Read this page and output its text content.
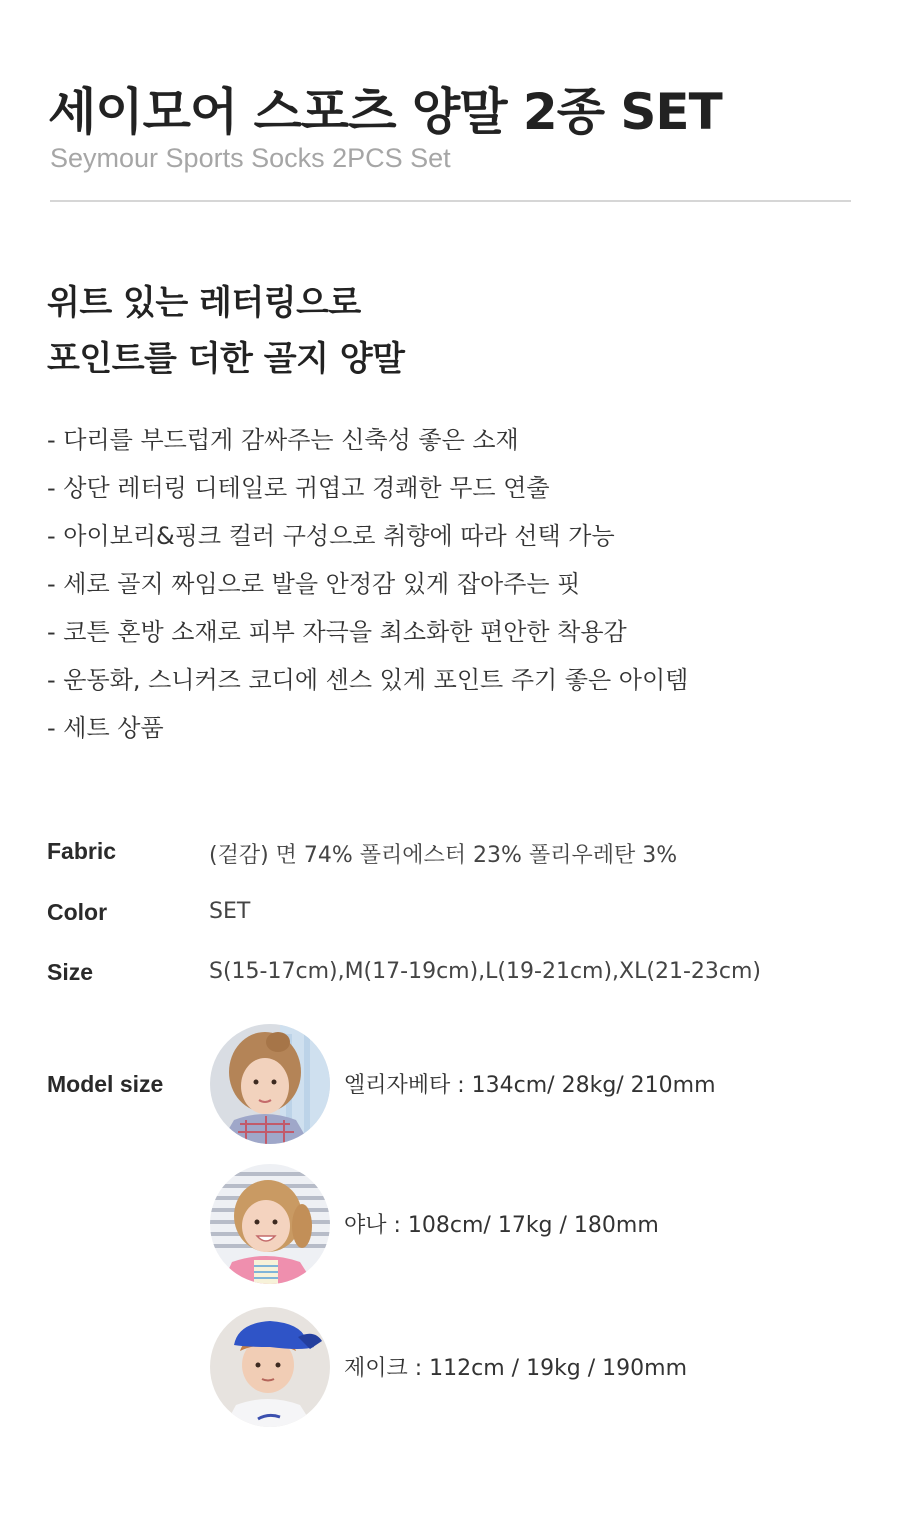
세이모어 스포츠 양말 2종 SET
Seymour Sports Socks 2PCS Set
위트 있는 레터링으로
포인트를 더한 골지 양말
- 다리를 부드럽게 감싸주는 신축성 좋은 소재
- 상단 레터링 디테일로 귀엽고 경쾌한 무드 연출
- 아이보리&핑크 컬러 구성으로 취향에 따라 선택 가능
- 세로 골지 짜임으로 발을 안정감 있게 잡아주는 핏
- 코튼 혼방 소재로 피부 자극을 최소화한 편안한 착용감
- 운동화, 스니커즈 코디에 센스 있게 포인트 주기 좋은 아이템
- 세트 상품
Fabric	(겉감) 면 74% 폴리에스터 23% 폴리우레탄 3%
Color	SET
Size	S(15-17cm),M(17-19cm),L(19-21cm),XL(21-23cm)
Model size	엘리자베타 : 134cm/ 28kg/ 210mm
야나 : 108cm/ 17kg / 180mm
제이크 : 112cm / 19kg / 190mm
